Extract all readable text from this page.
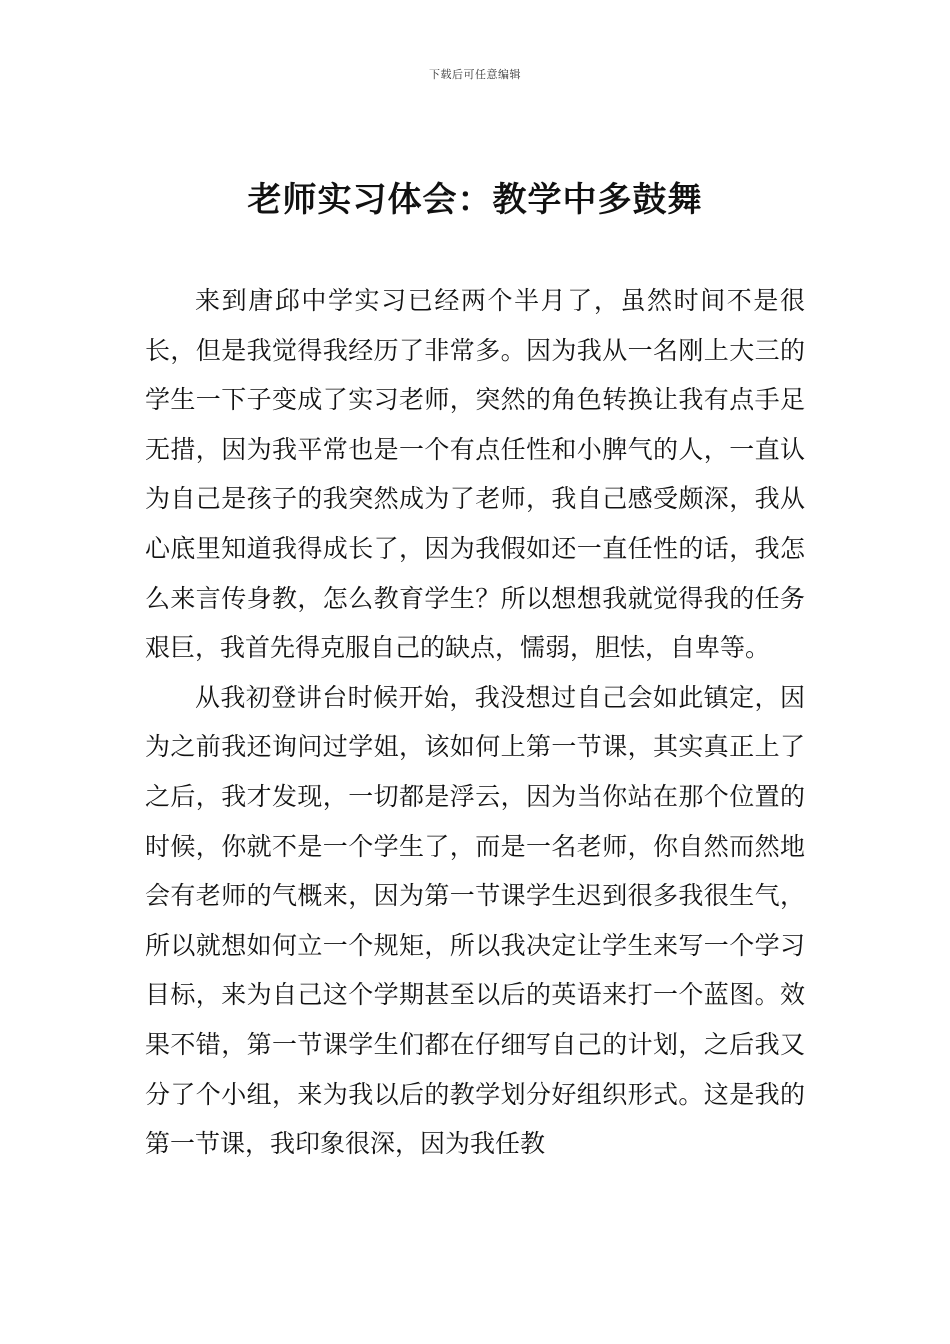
下载后可任意编辑
老师实习体会：教学中多鼓舞

来到唐邱中学实习已经两个半月了，虽然时间不是很长，但是我觉得我经历了非常多。因为我从一名刚上大三的学生一下子变成了实习老师，突然的角色转换让我有点手足无措，因为我平常也是一个有点任性和小脾气的人，一直认为自己是孩子的我突然成为了老师，我自己感受颇深，我从心底里知道我得成长了，因为我假如还一直任性的话，我怎么来言传身教，怎么教育学生？所以想想我就觉得我的任务艰巨，我首先得克服自己的缺点，懦弱，胆怯，自卑等。

从我初登讲台时候开始，我没想过自己会如此镇定，因为之前我还询问过学姐，该如何上第一节课，其实真正上了之后，我才发现，一切都是浮云，因为当你站在那个位置的时候，你就不是一个学生了，而是一名老师，你自然而然地会有老师的气概来，因为第一节课学生迟到很多我很生气，所以就想如何立一个规矩，所以我决定让学生来写一个学习目标，来为自己这个学期甚至以后的英语来打一个蓝图。效果不错，第一节课学生们都在仔细写自己的计划，之后我又分了个小组，来为我以后的教学划分好组织形式。这是我的第一节课，我印象很深，因为我任教
